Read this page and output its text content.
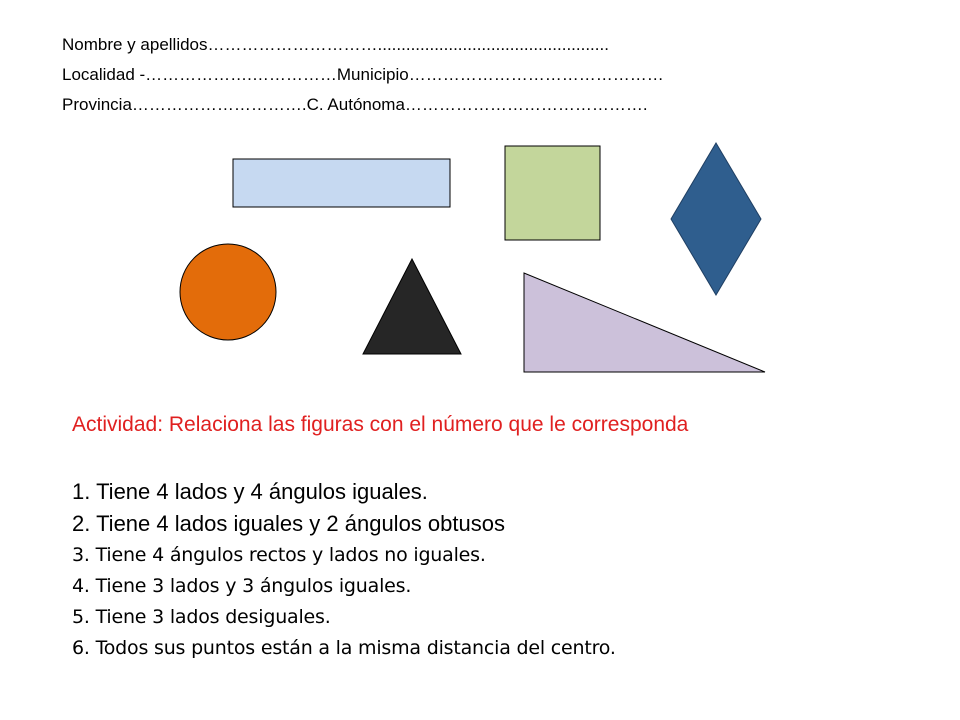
Nombre y apellidos………………………….................................................
Localidad -……………….……………Municipio………………………………………
Provincia………………………….C. Autónoma…………………………………….
Actividad: Relaciona las figuras con el número que le corresponda
1. Tiene 4 lados y 4 ángulos iguales.
2. Tiene 4 lados iguales y 2 ángulos obtusos
3. Tiene 4 ángulos rectos y lados no iguales.
4. Tiene 3 lados y 3 ángulos iguales.
5. Tiene 3 lados desiguales.
6. Todos sus puntos están a la misma distancia del centro.
